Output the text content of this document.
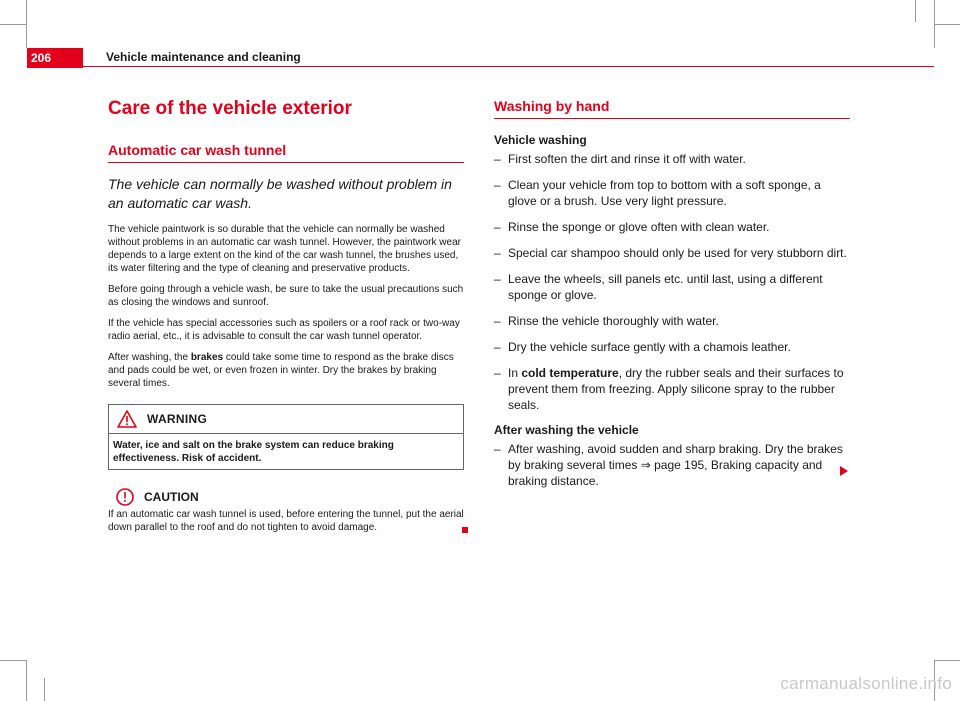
206	Vehicle maintenance and cleaning
Care of the vehicle exterior
Automatic car wash tunnel
The vehicle can normally be washed without problem in an automatic car wash.
The vehicle paintwork is so durable that the vehicle can normally be washed without problems in an automatic car wash tunnel. However, the paintwork wear depends to a large extent on the kind of the car wash tunnel, the brushes used, its water filtering and the type of cleaning and preservative products.
Before going through a vehicle wash, be sure to take the usual precautions such as closing the windows and sunroof.
If the vehicle has special accessories such as spoilers or a roof rack or two-way radio aerial, etc., it is advisable to consult the car wash tunnel operator.
After washing, the brakes could take some time to respond as the brake discs and pads could be wet, or even frozen in winter. Dry the brakes by braking several times.
WARNING
Water, ice and salt on the brake system can reduce braking effectiveness. Risk of accident.
CAUTION
If an automatic car wash tunnel is used, before entering the tunnel, put the aerial down parallel to the roof and do not tighten to avoid damage.
Washing by hand
Vehicle washing
– First soften the dirt and rinse it off with water.
– Clean your vehicle from top to bottom with a soft sponge, a glove or a brush. Use very light pressure.
– Rinse the sponge or glove often with clean water.
– Special car shampoo should only be used for very stubborn dirt.
– Leave the wheels, sill panels etc. until last, using a different sponge or glove.
– Rinse the vehicle thoroughly with water.
– Dry the vehicle surface gently with a chamois leather.
– In cold temperature, dry the rubber seals and their surfaces to prevent them from freezing. Apply silicone spray to the rubber seals.
After washing the vehicle
– After washing, avoid sudden and sharp braking. Dry the brakes by braking several times ⇒ page 195, Braking capacity and braking distance.
carmanualsonline.info
